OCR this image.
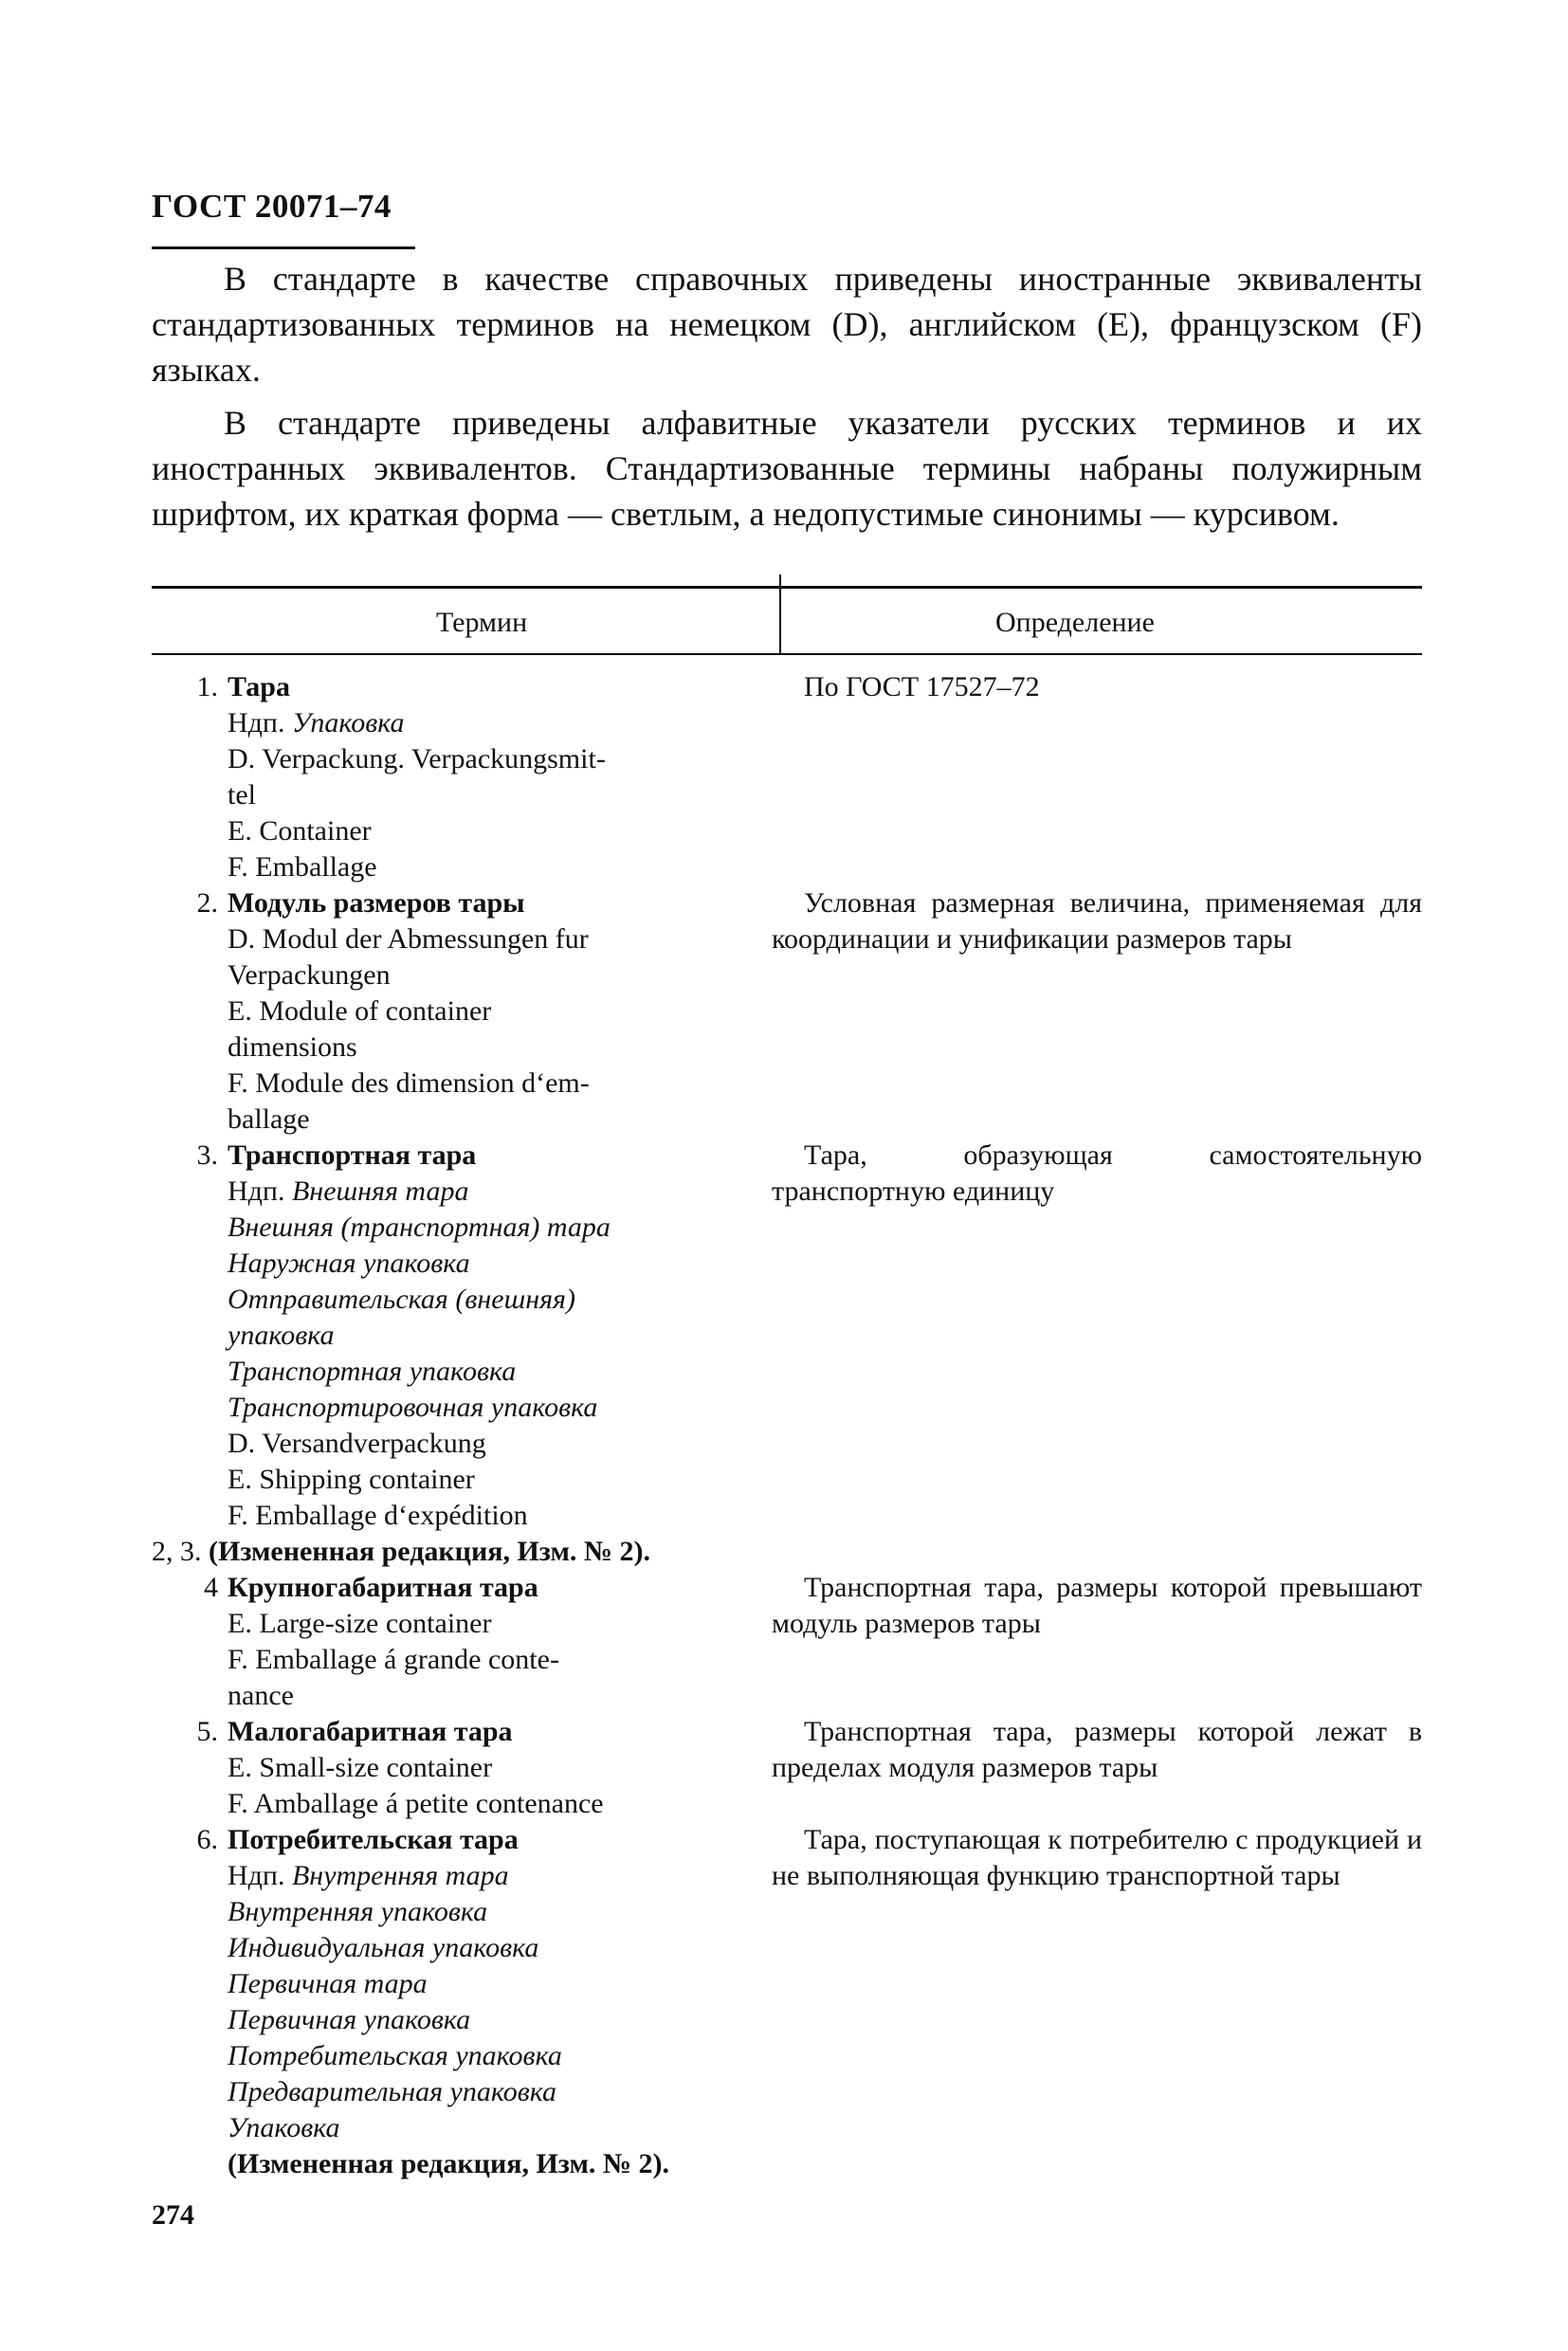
ГОСТ 20071–74

В стандарте в качестве справочных приведены иностранные эквиваленты стандартизованных терминов на немецком (D), английском (E), французском (F) языках.

В стандарте приведены алфавитные указатели русских терминов и их иностранных эквивалентов. Стандартизованные термины набраны полужирным шрифтом, их краткая форма — светлым, а недопустимые синонимы — курсивом.

Термин	Определение
1. Тара
Ндп. Упаковка
D. Verpackung. Verpackungsmit-
tel
E. Container
F. Emballage
По ГОСТ 17527–72
2. Модуль размеров тары
D. Modul der Abmessungen fur
Verpackungen
E. Module of container
dimensions
F. Module des dimension d‘em-
ballage
Условная размерная величина, применяемая для координации и унификации размеров тары
3. Транспортная тара
Ндп. Внешняя тара
Внешняя (транспортная) тара
Наружная упаковка
Отправительская (внешняя)
упаковка
Транспортная упаковка
Транспортировочная упаковка
D. Versandverpackung
E. Shipping container
F. Emballage d‘expédition
Тара, образующая самостоятельную транспортную единицу
2, 3. (Измененная редакция, Изм. № 2).
4 Крупногабаритная тара
E. Large-size container
F. Emballage á grande conte-
nance
Транспортная тара, размеры которой превышают модуль размеров тары
5. Малогабаритная тара
E. Small-size container
F. Amballage á petite contenance
Транспортная тара, размеры которой лежат в пределах модуля размеров тары
6. Потребительская тара
Ндп. Внутренняя тара
Внутренняя упаковка
Индивидуальная упаковка
Первичная тара
Первичная упаковка
Потребительская упаковка
Предварительная упаковка
Упаковка
Тара, поступающая к потребителю с продукцией и не выполняющая функцию транспортной тары
(Измененная редакция, Изм. № 2).
274
